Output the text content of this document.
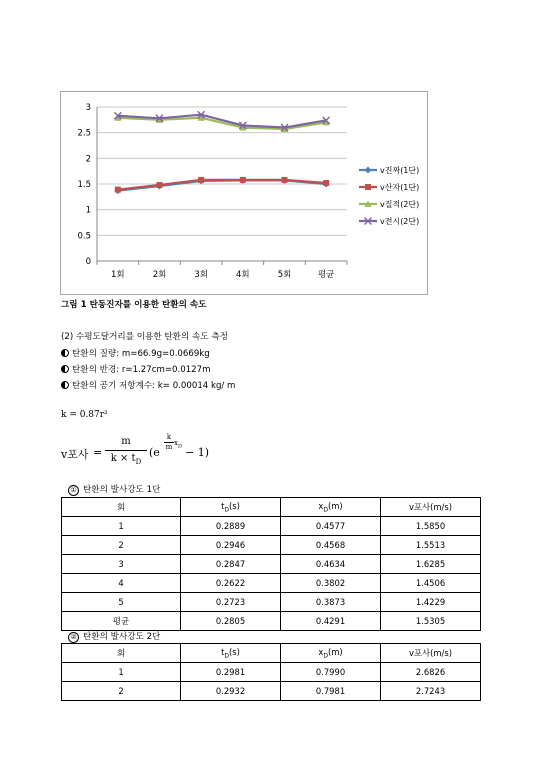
0
0.5
1
1.5
2
2.5
3
1회	2회	3회	4회	5회	평균
v진짜(1단)
v산자(1단)
v질적(2단)
v전시(2단)
그림 1 탄동진자를 이용한 탄환의 속도
(2) 수평도달거리를 이용한 탄환의 속도 측정
탄환의 질량: m=66.9g=0.0669kg
탄환의 반경: r=1.27cm=0.0127m
탄환의 공기 저항계수: k= 0.00014 kg/ m
k = 0.87r²
v포사 =
m
$k \times t_D$
(e
k
m $x_D - 1$)
① 탄환의 발사강도 1단
회	$t_D(s)$	$x_D(m)$	v포사(m/s)
1	0.2889	0.4577	1.5850
2	0.2946	0.4568	1.5513
3	0.2847	0.4634	1.6285
4	0.2622	0.3802	1.4506
5	0.2723	0.3873	1.4229
평균	0.2805	0.4291	1.5305
② 탄환의 발사강도 2단
회	$t_D(s)$	$x_D(m)$	v포사(m/s)
1	0.2981	0.7990	2.6826
2	0.2932	0.7981	2.7243
